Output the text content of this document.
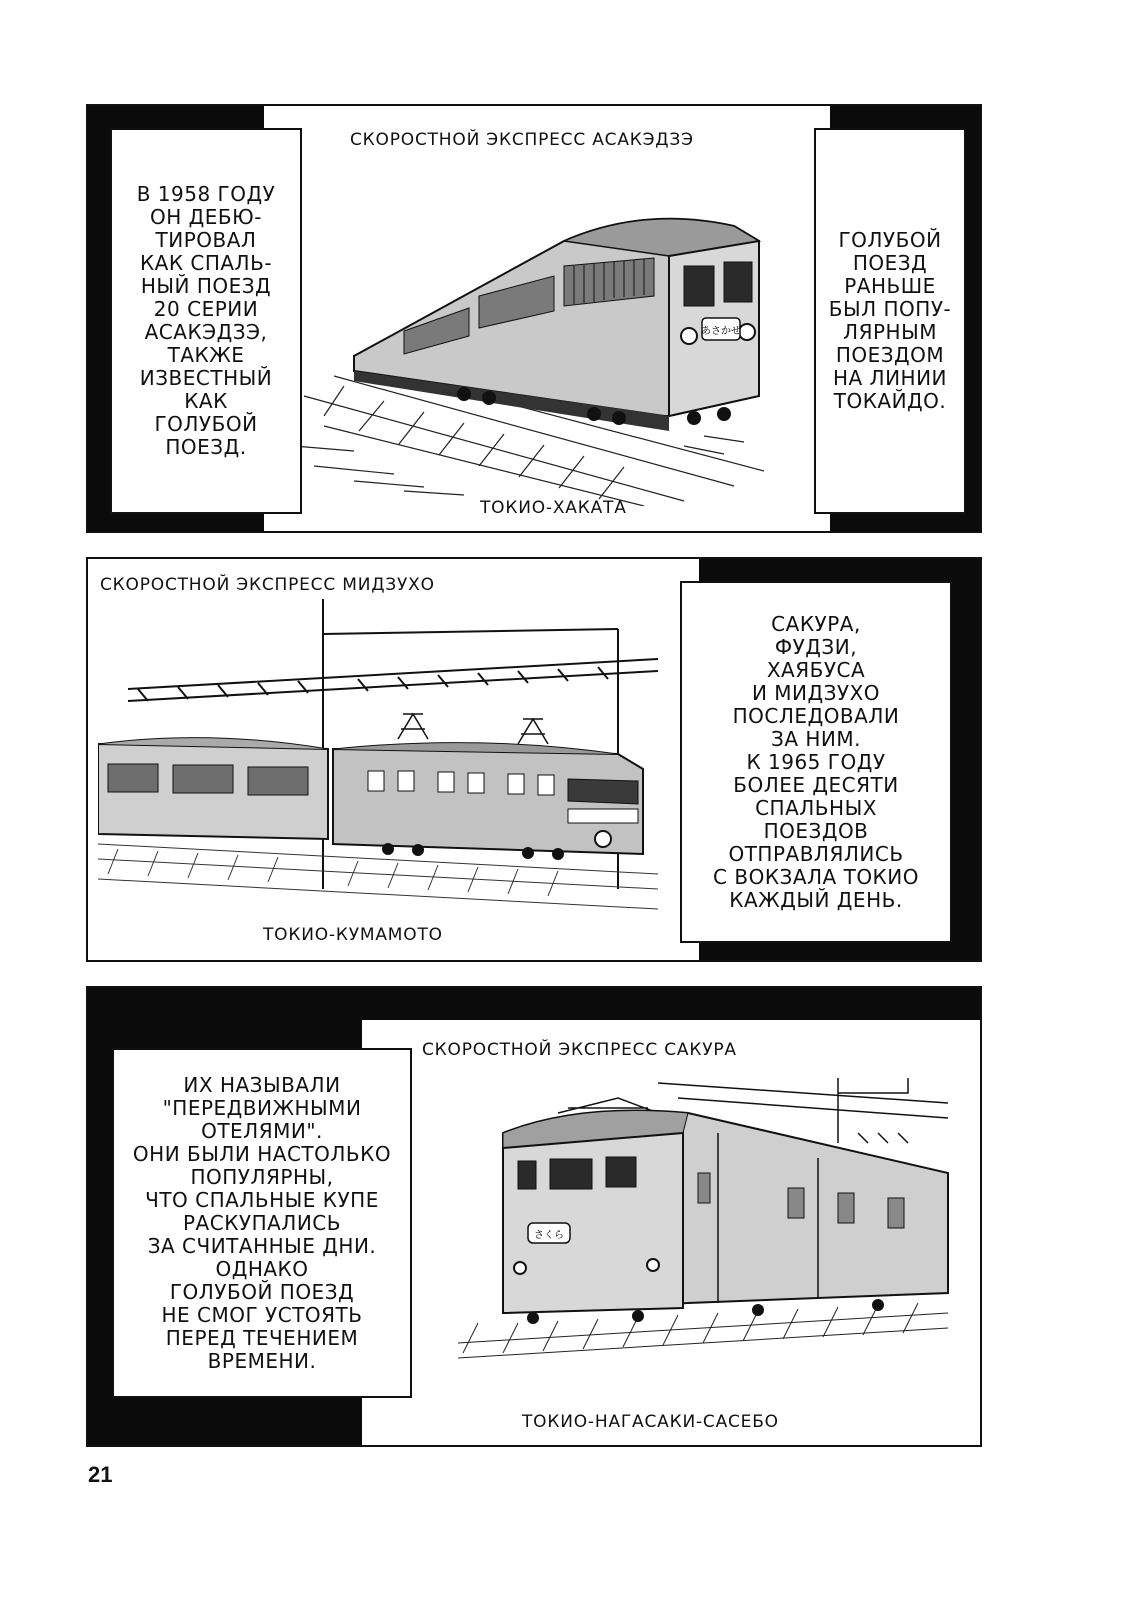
あさかぜ
СКОРОСТНОЙ ЭКСПРЕСС АСАКЭДЗЭ
ТОКИО-ХАКАТА
В 1958 ГОДУ
ОН ДЕБЮ-
ТИРОВАЛ
КАК СПАЛЬ-
НЫЙ ПОЕЗД
20 СЕРИИ
АСАКЭДЗЭ,
ТАКЖЕ
ИЗВЕСТНЫЙ
КАК
ГОЛУБОЙ
ПОЕЗД.
ГОЛУБОЙ
ПОЕЗД
РАНЬШЕ
БЫЛ ПОПУ-
ЛЯРНЫМ
ПОЕЗДОМ
НА ЛИНИИ
ТОКАЙДО.
СКОРОСТНОЙ ЭКСПРЕСС МИДЗУХО
ТОКИО-КУМАМОТО
САКУРА,
ФУДЗИ,
ХАЯБУСА
И МИДЗУХО
ПОСЛЕДОВАЛИ
ЗА НИМ.
К 1965 ГОДУ
БОЛЕЕ ДЕСЯТИ
СПАЛЬНЫХ
ПОЕЗДОВ
ОТПРАВЛЯЛИСЬ
С ВОКЗАЛА ТОКИО
КАЖДЫЙ ДЕНЬ.
さくら
СКОРОСТНОЙ ЭКСПРЕСС САКУРА
ТОКИО-НАГАСАКИ-САСЕБО
ИХ НАЗЫВАЛИ
"ПЕРЕДВИЖНЫМИ
ОТЕЛЯМИ".
ОНИ БЫЛИ НАСТОЛЬКО
ПОПУЛЯРНЫ,
ЧТО СПАЛЬНЫЕ КУПЕ
РАСКУПАЛИСЬ
ЗА СЧИТАННЫЕ ДНИ.
ОДНАКО
ГОЛУБОЙ ПОЕЗД
НЕ СМОГ УСТОЯТЬ
ПЕРЕД ТЕЧЕНИЕМ
ВРЕМЕНИ.
21
